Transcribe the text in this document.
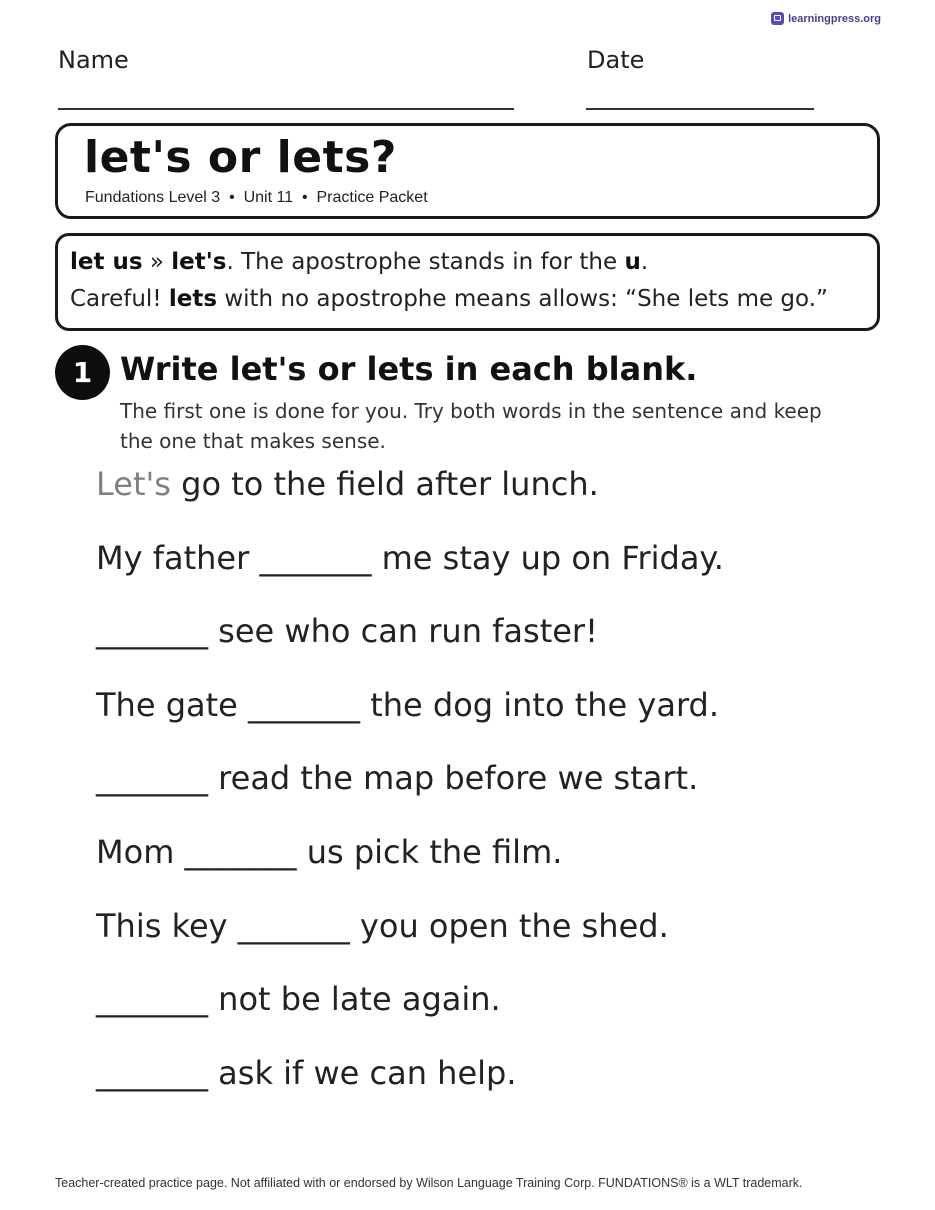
learningpress.org
Name	Date
let's or lets?
Fundations Level 3  •  Unit 11  •  Practice Packet
let us » let's. The apostrophe stands in for the u.
Careful! lets with no apostrophe means allows: “She lets me go.”
1 Write let's or lets in each blank.
The first one is done for you. Try both words in the sentence and keep the one that makes sense.
Let's go to the field after lunch.
My father _______ me stay up on Friday.
_______ see who can run faster!
The gate _______ the dog into the yard.
_______ read the map before we start.
Mom _______ us pick the film.
This key _______ you open the shed.
_______ not be late again.
_______ ask if we can help.
Teacher-created practice page. Not affiliated with or endorsed by Wilson Language Training Corp. FUNDATIONS® is a WLT trademark.
